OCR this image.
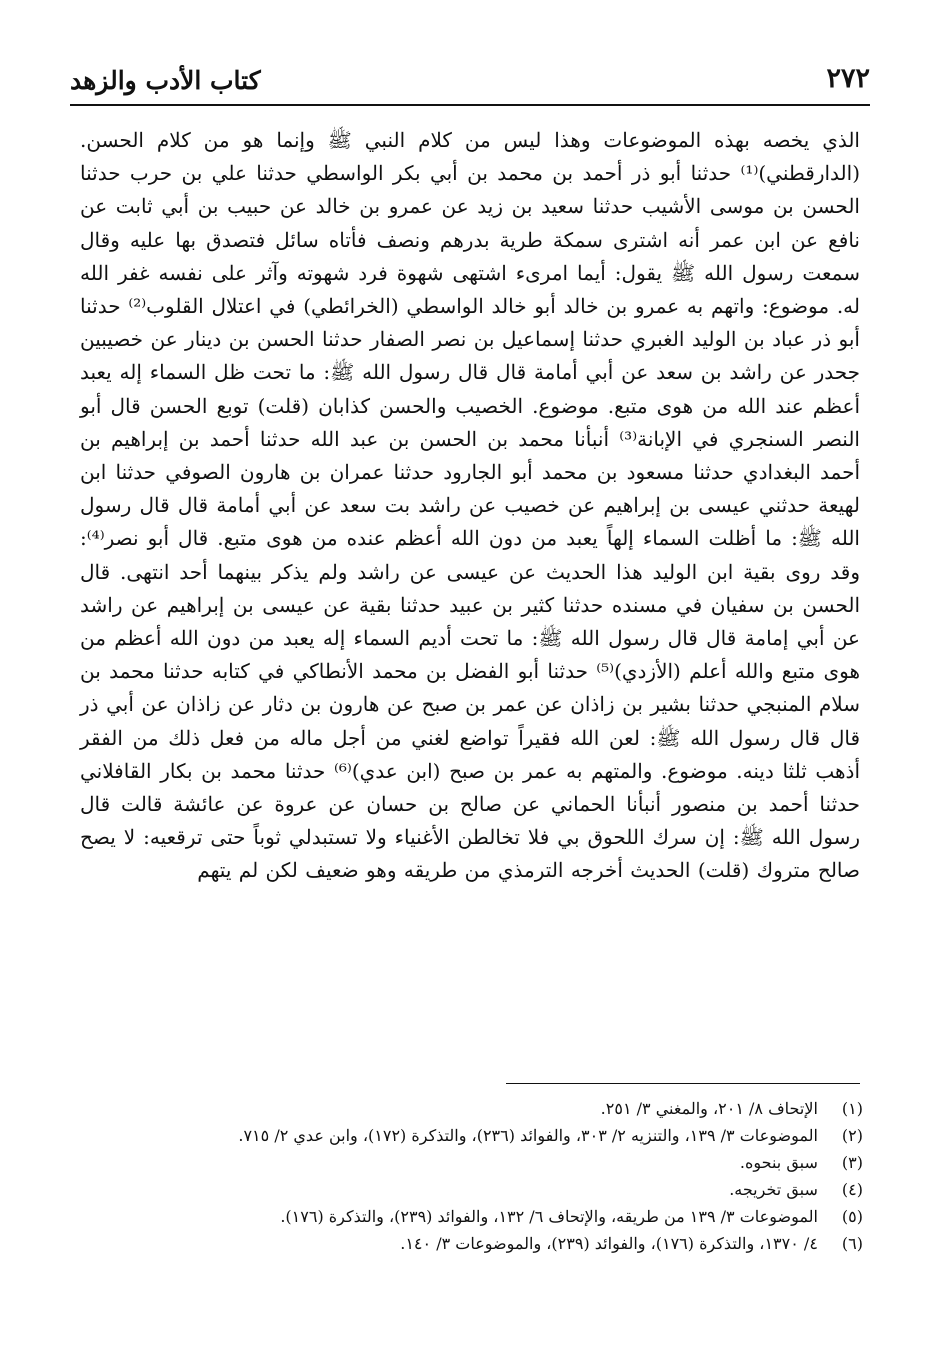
٢٧٢
كتاب الأدب والزهد

الذي يخصه بهذه الموضوعات وهذا ليس من كلام النبي ﷺ وإنما هو من كلام الحسن. (الدارقطني)⁽¹⁾ حدثنا أبو ذر أحمد بن محمد بن أبي بكر الواسطي حدثنا علي بن حرب حدثنا الحسن بن موسى الأشيب حدثنا سعيد بن زيد عن عمرو بن خالد عن حبيب بن أبي ثابت عن نافع عن ابن عمر أنه اشترى سمكة طرية بدرهم ونصف فأتاه سائل فتصدق بها عليه وقال سمعت رسول الله ﷺ يقول: أيما امرىء اشتهى شهوة فرد شهوته وآثر على نفسه غفر الله له. موضوع: واتهم به عمرو بن خالد أبو خالد الواسطي (الخرائطي) في اعتلال القلوب⁽²⁾ حدثنا أبو ذر عباد بن الوليد الغبري حدثنا إسماعيل بن نصر الصفار حدثنا الحسن بن دينار عن خصيبين جحدر عن راشد بن سعد عن أبي أمامة قال قال رسول الله ﷺ: ما تحت ظل السماء إله يعبد أعظم عند الله من هوى متبع. موضوع. الخصيب والحسن كذابان (قلت) توبع الحسن قال أبو النصر السنجري في الإبانة⁽³⁾ أنبأنا محمد بن الحسن بن عبد الله حدثنا أحمد بن إبراهيم بن أحمد البغدادي حدثنا مسعود بن محمد أبو الجارود حدثنا عمران بن هارون الصوفي حدثنا ابن لهيعة حدثني عيسى بن إبراهيم عن خصيب عن راشد بت سعد عن أبي أمامة قال قال رسول الله ﷺ: ما أظلت السماء إلهاً يعبد من دون الله أعظم عنده من هوى متبع. قال أبو نصر⁽⁴⁾: وقد روى بقية ابن الوليد هذا الحديث عن عيسى عن راشد ولم يذكر بينهما أحد انتهى. قال الحسن بن سفيان في مسنده حدثنا كثير بن عبيد حدثنا بقية عن عيسى بن إبراهيم عن راشد عن أبي إمامة قال قال رسول الله ﷺ: ما تحت أديم السماء إله يعبد من دون الله أعظم من هوى متبع والله أعلم (الأزدي)⁽⁵⁾ حدثنا أبو الفضل بن محمد الأنطاكي في كتابه حدثنا محمد بن سلام المنبجي حدثنا بشير بن زاذان عن عمر بن صبح عن هارون بن دثار عن زاذان عن أبي ذر قال قال رسول الله ﷺ: لعن الله فقيراً تواضع لغني من أجل ماله من فعل ذلك من الفقر أذهب ثلثا دينه. موضوع. والمتهم به عمر بن صبح (ابن عدي)⁽⁶⁾ حدثنا محمد بن بكار القافلاني حدثنا أحمد بن منصور أنبأنا الحماني عن صالح بن حسان عن عروة عن عائشة قالت قال رسول الله ﷺ: إن سرك اللحوق بي فلا تخالطن الأغنياء ولا تستبدلي ثوباً حتى ترقعيه: لا يصح صالح متروك (قلت) الحديث أخرجه الترمذي من طريقه وهو ضعيف لكن لم يتهم

(١) الإتحاف ٨/ ٢٠١، والمغني ٣/ ٢٥١.
(٢) الموضوعات ٣/ ١٣٩، والتنزيه ٢/ ٣٠٣، والفوائد (٢٣٦)، والتذكرة (١٧٢)، وابن عدي ٢/ ٧١٥.
(٣) سبق بنحوه.
(٤) سبق تخريجه.
(٥) الموضوعات ٣/ ١٣٩ من طريقه، والإتحاف ٦/ ١٣٢، والفوائد (٢٣٩)، والتذكرة (١٧٦).
(٦) ٤/ ١٣٧٠، والتذكرة (١٧٦)، والفوائد (٢٣٩)، والموضوعات ٣/ ١٤٠.
